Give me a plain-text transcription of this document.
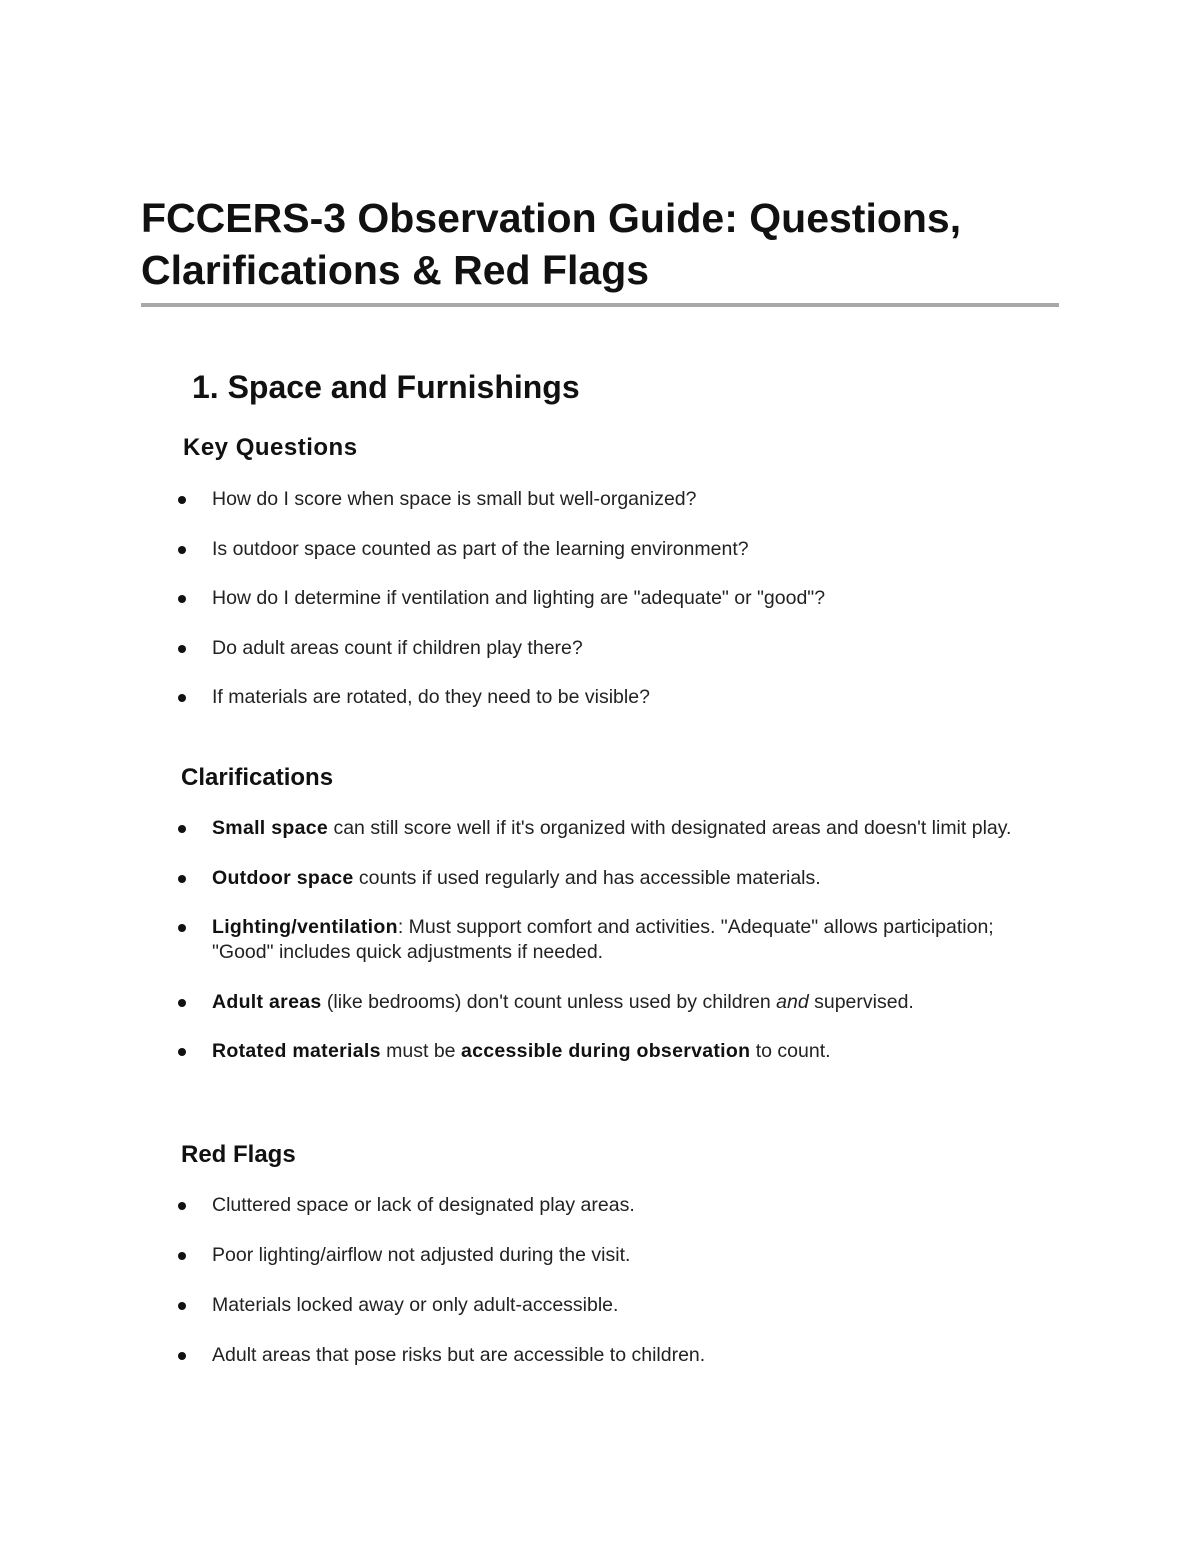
FCCERS-3 Observation Guide: Questions, Clarifications & Red Flags
1. Space and Furnishings
Key Questions
How do I score when space is small but well-organized?
Is outdoor space counted as part of the learning environment?
How do I determine if ventilation and lighting are "adequate" or "good"?
Do adult areas count if children play there?
If materials are rotated, do they need to be visible?
Clarifications
Small space can still score well if it's organized with designated areas and doesn't limit play.
Outdoor space counts if used regularly and has accessible materials.
Lighting/ventilation: Must support comfort and activities. "Adequate" allows participation; "Good" includes quick adjustments if needed.
Adult areas (like bedrooms) don't count unless used by children and supervised.
Rotated materials must be accessible during observation to count.
Red Flags
Cluttered space or lack of designated play areas.
Poor lighting/airflow not adjusted during the visit.
Materials locked away or only adult-accessible.
Adult areas that pose risks but are accessible to children.
